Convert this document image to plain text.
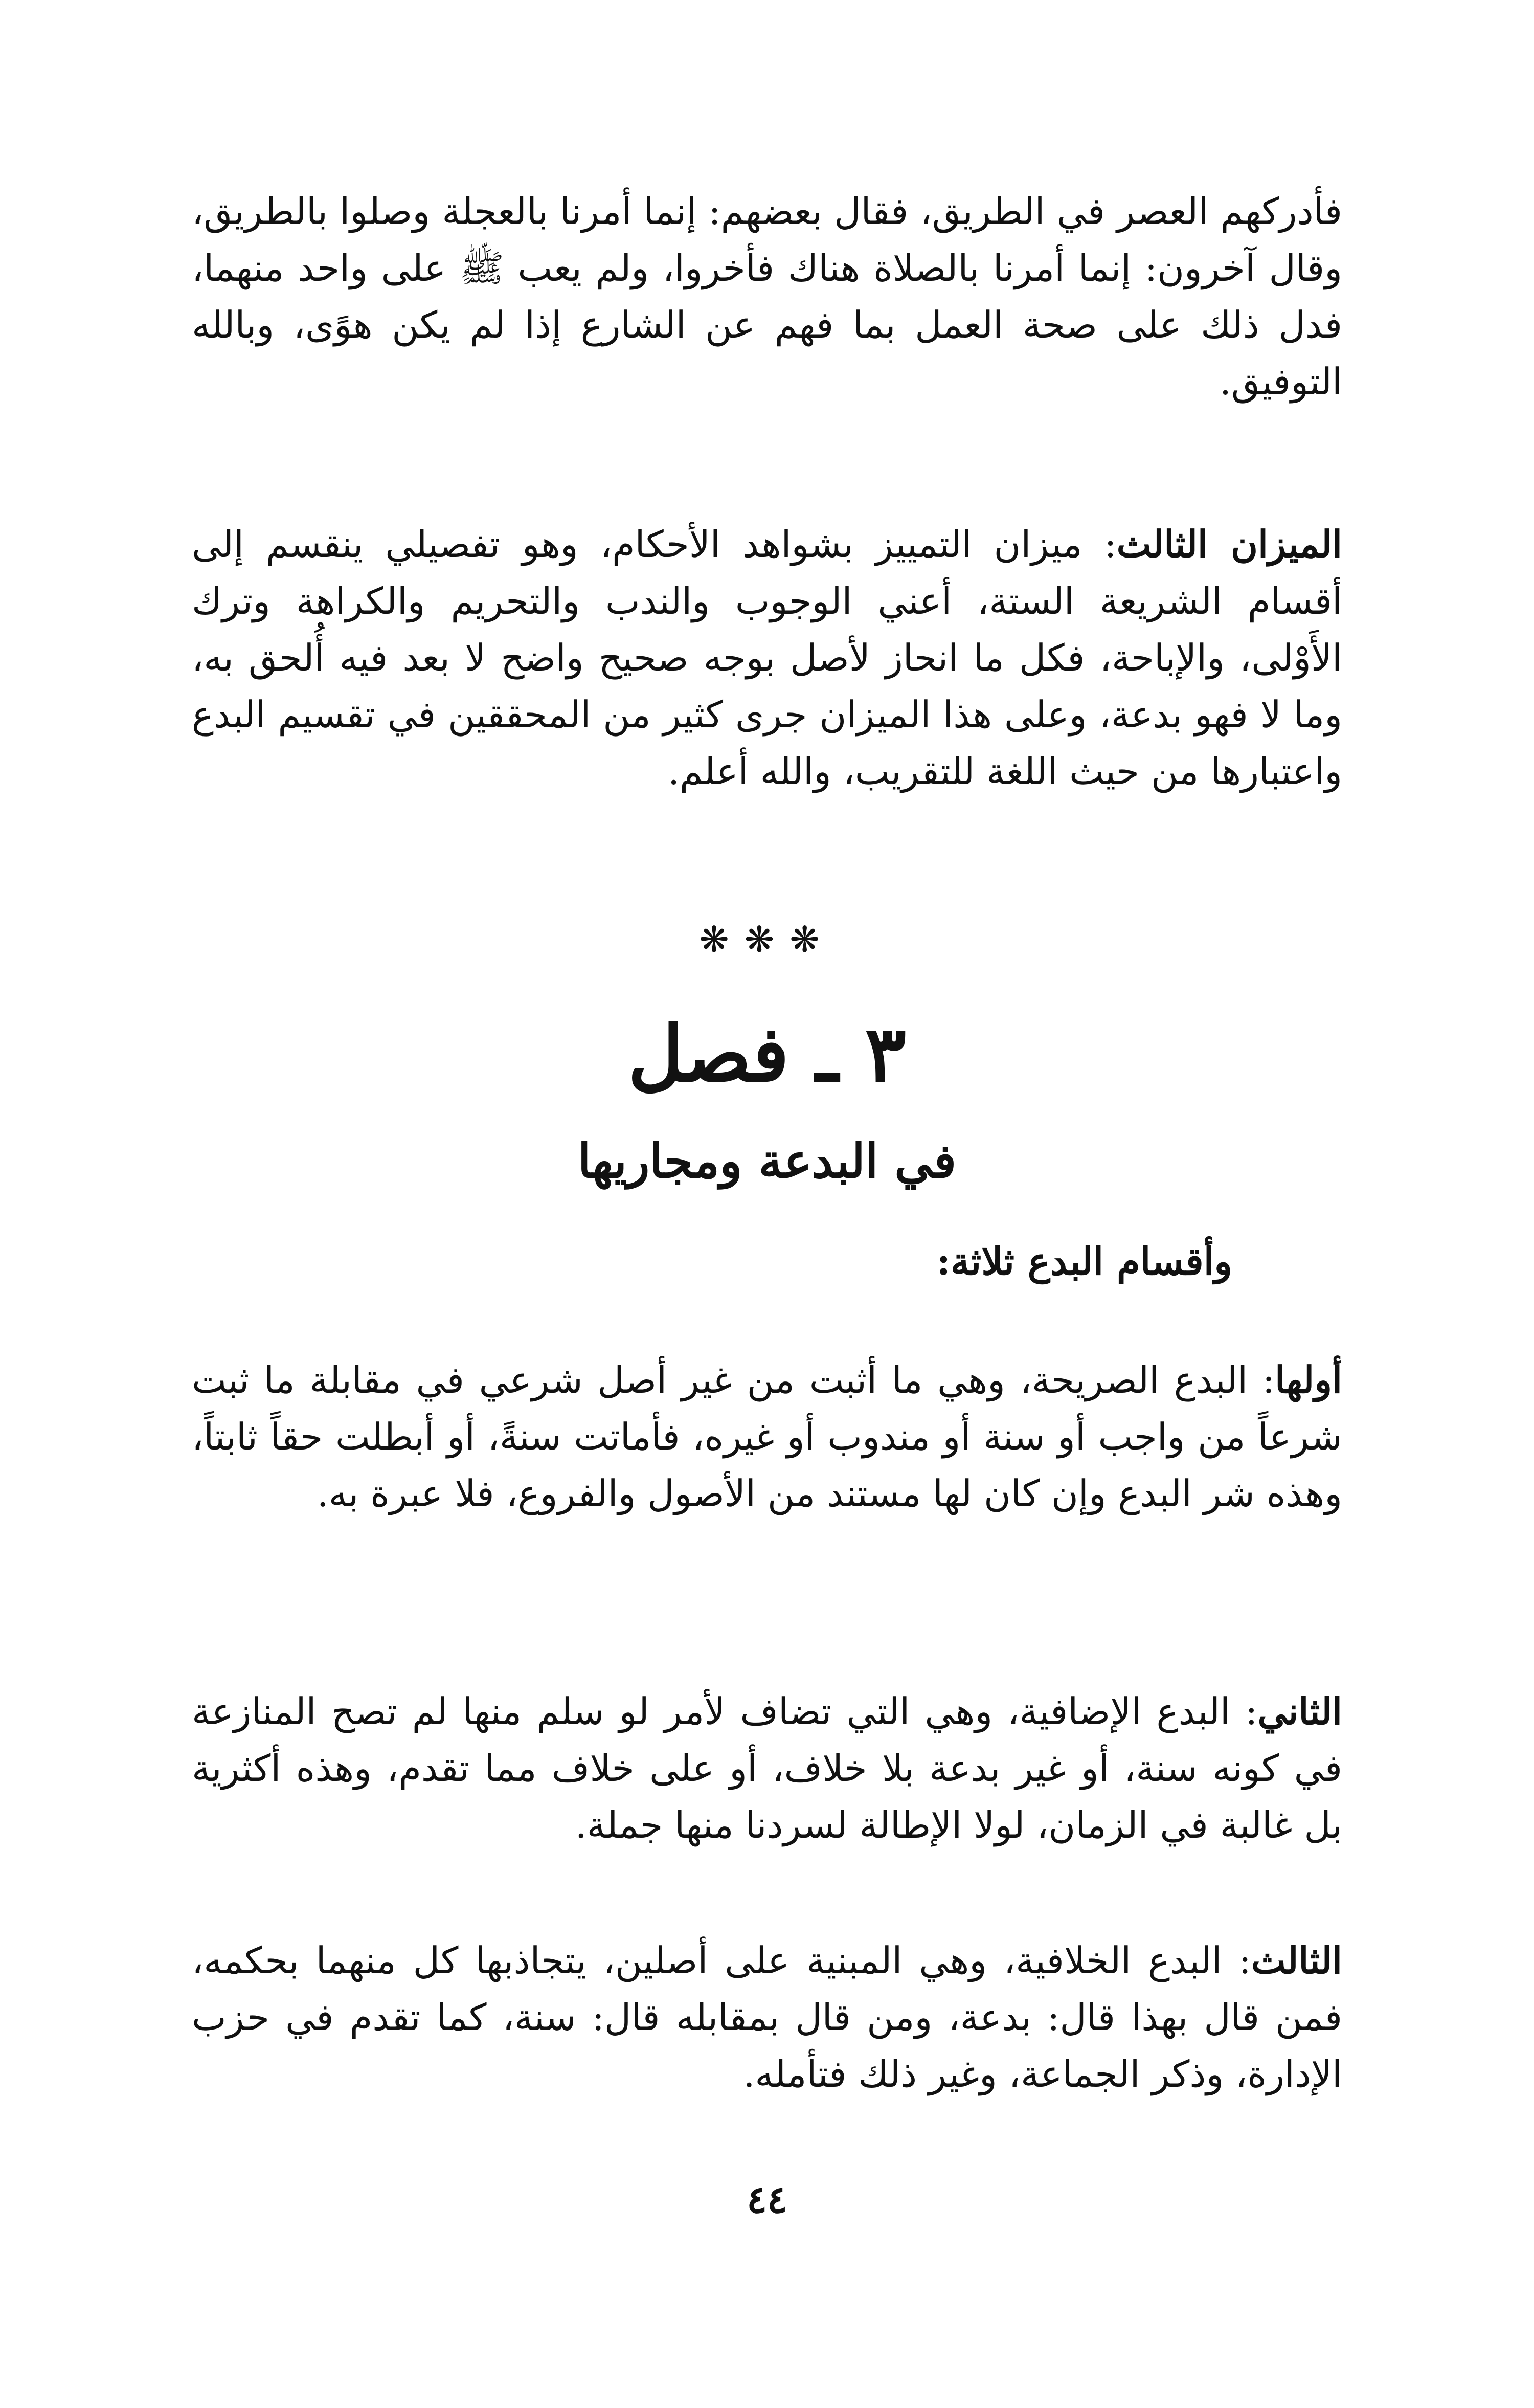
فأدركهم العصر في الطريق، فقال بعضهم: إنما أمرنا بالعجلة وصلوا بالطريق، وقال آخرون: إنما أمرنا بالصلاة هناك فأخروا، ولم يعب ﷺ على واحد منهما، فدل ذلك على صحة العمل بما فهم عن الشارع إذا لم يكن هوًى، وبالله التوفيق.

الميزان الثالث: ميزان التمييز بشواهد الأحكام، وهو تفصيلي ينقسم إلى أقسام الشريعة الستة، أعني الوجوب والندب والتحريم والكراهة وترك الأَوْلى، والإباحة، فكل ما انحاز لأصل بوجه صحيح واضح لا بعد فيه أُلحق به، وما لا فهو بدعة، وعلى هذا الميزان جرى كثير من المحققين في تقسيم البدع واعتبارها من حيث اللغة للتقريب، والله أعلم.

❋❋❋
٣ ـ فصل
في البدعة ومجاريها
وأقسام البدع ثلاثة:

أولها: البدع الصريحة، وهي ما أثبت من غير أصل شرعي في مقابلة ما ثبت شرعاً من واجب أو سنة أو مندوب أو غيره، فأماتت سنةً، أو أبطلت حقاً ثابتاً، وهذه شر البدع وإن كان لها مستند من الأصول والفروع، فلا عبرة به.

الثاني: البدع الإضافية، وهي التي تضاف لأمر لو سلم منها لم تصح المنازعة في كونه سنة، أو غير بدعة بلا خلاف، أو على خلاف مما تقدم، وهذه أكثرية بل غالبة في الزمان، لولا الإطالة لسردنا منها جملة.

الثالث: البدع الخلافية، وهي المبنية على أصلين، يتجاذبها كل منهما بحكمه، فمن قال بهذا قال: بدعة، ومن قال بمقابله قال: سنة، كما تقدم في حزب الإدارة، وذكر الجماعة، وغير ذلك فتأمله.

٤٤
